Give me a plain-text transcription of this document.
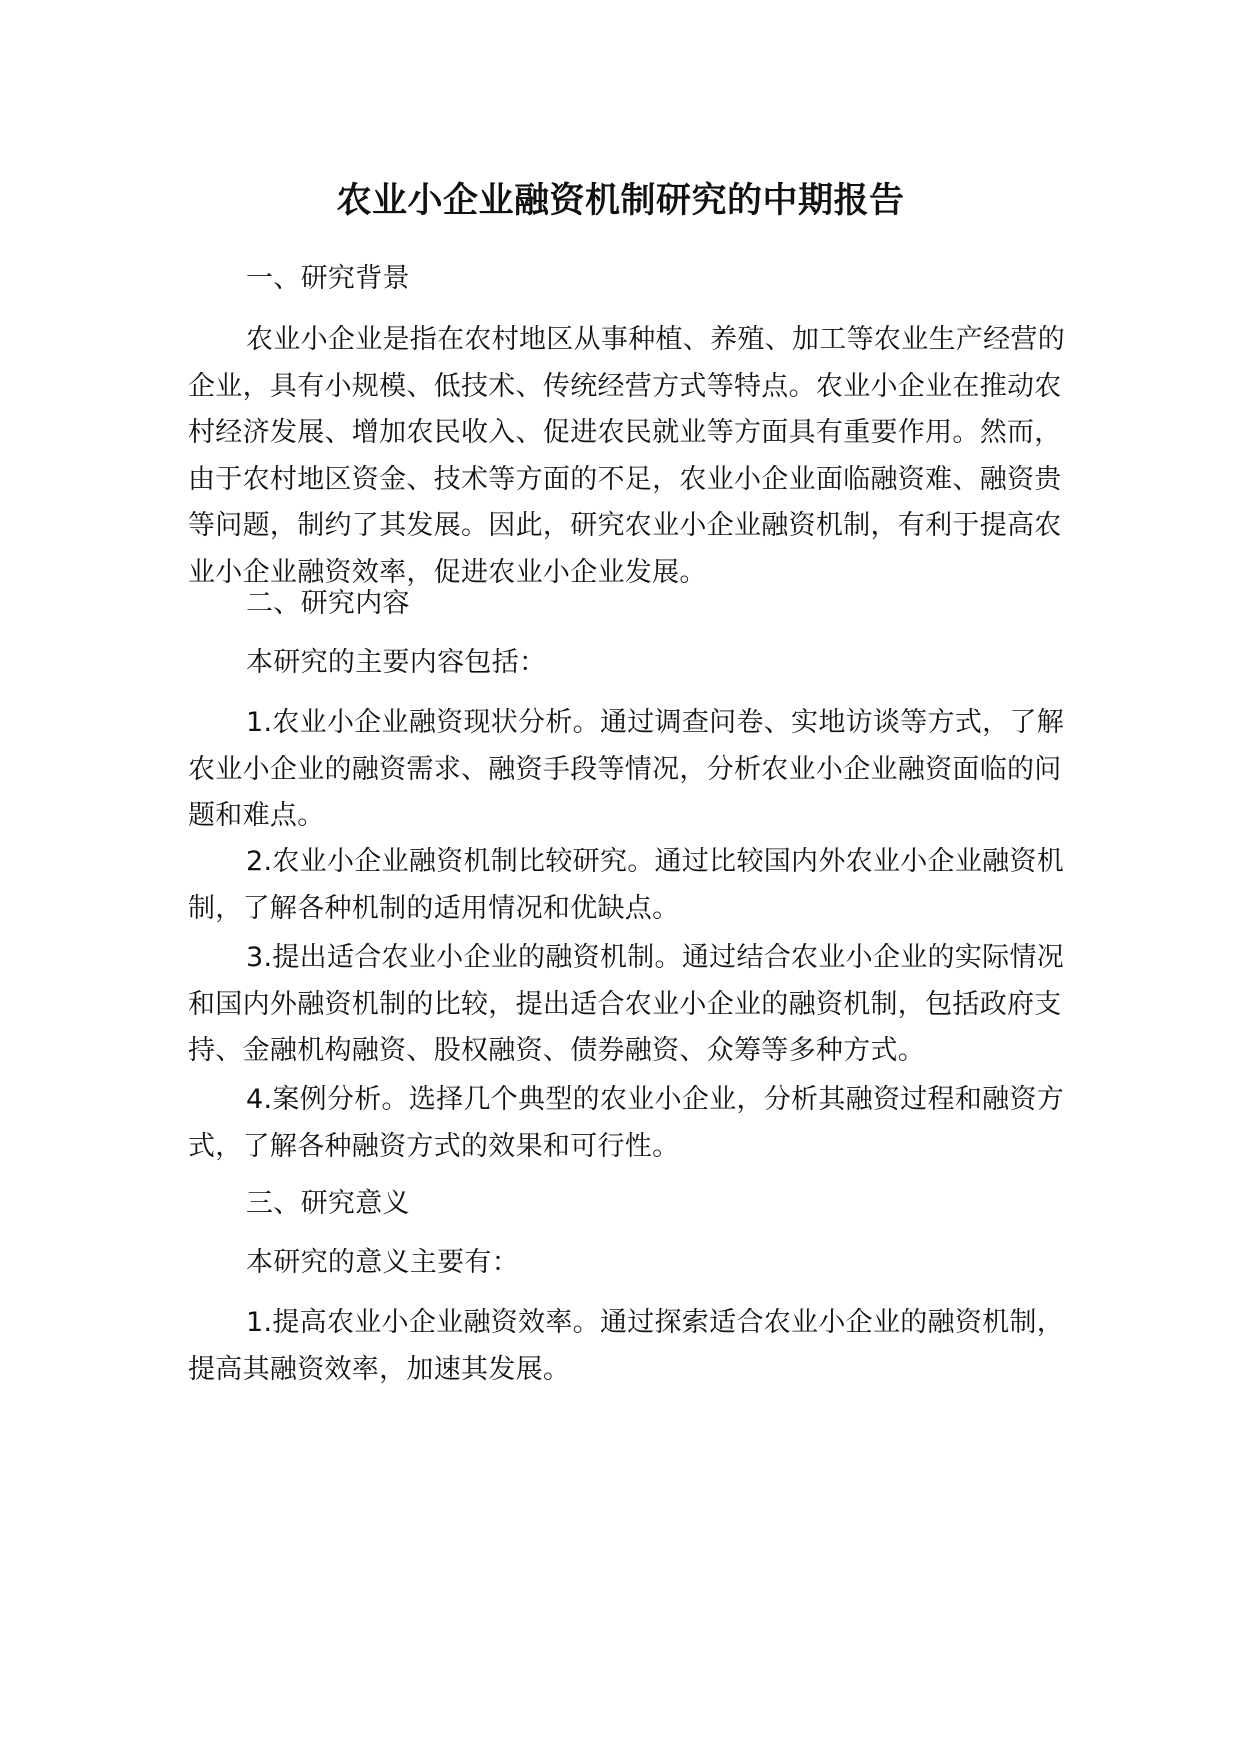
农业小企业融资机制研究的中期报告

一、研究背景

农业小企业是指在农村地区从事种植、养殖、加工等农业生产经营的企业，具有小规模、低技术、传统经营方式等特点。农业小企业在推动农村经济发展、增加农民收入、促进农民就业等方面具有重要作用。然而，由于农村地区资金、技术等方面的不足，农业小企业面临融资难、融资贵等问题，制约了其发展。因此，研究农业小企业融资机制，有利于提高农业小企业融资效率，促进农业小企业发展。

二、研究内容

本研究的主要内容包括：

1.农业小企业融资现状分析。通过调查问卷、实地访谈等方式，了解农业小企业的融资需求、融资手段等情况，分析农业小企业融资面临的问题和难点。

2.农业小企业融资机制比较研究。通过比较国内外农业小企业融资机制，了解各种机制的适用情况和优缺点。

3.提出适合农业小企业的融资机制。通过结合农业小企业的实际情况和国内外融资机制的比较，提出适合农业小企业的融资机制，包括政府支持、金融机构融资、股权融资、债券融资、众筹等多种方式。

4.案例分析。选择几个典型的农业小企业，分析其融资过程和融资方式，了解各种融资方式的效果和可行性。

三、研究意义

本研究的意义主要有：

1.提高农业小企业融资效率。通过探索适合农业小企业的融资机制，提高其融资效率，加速其发展。
